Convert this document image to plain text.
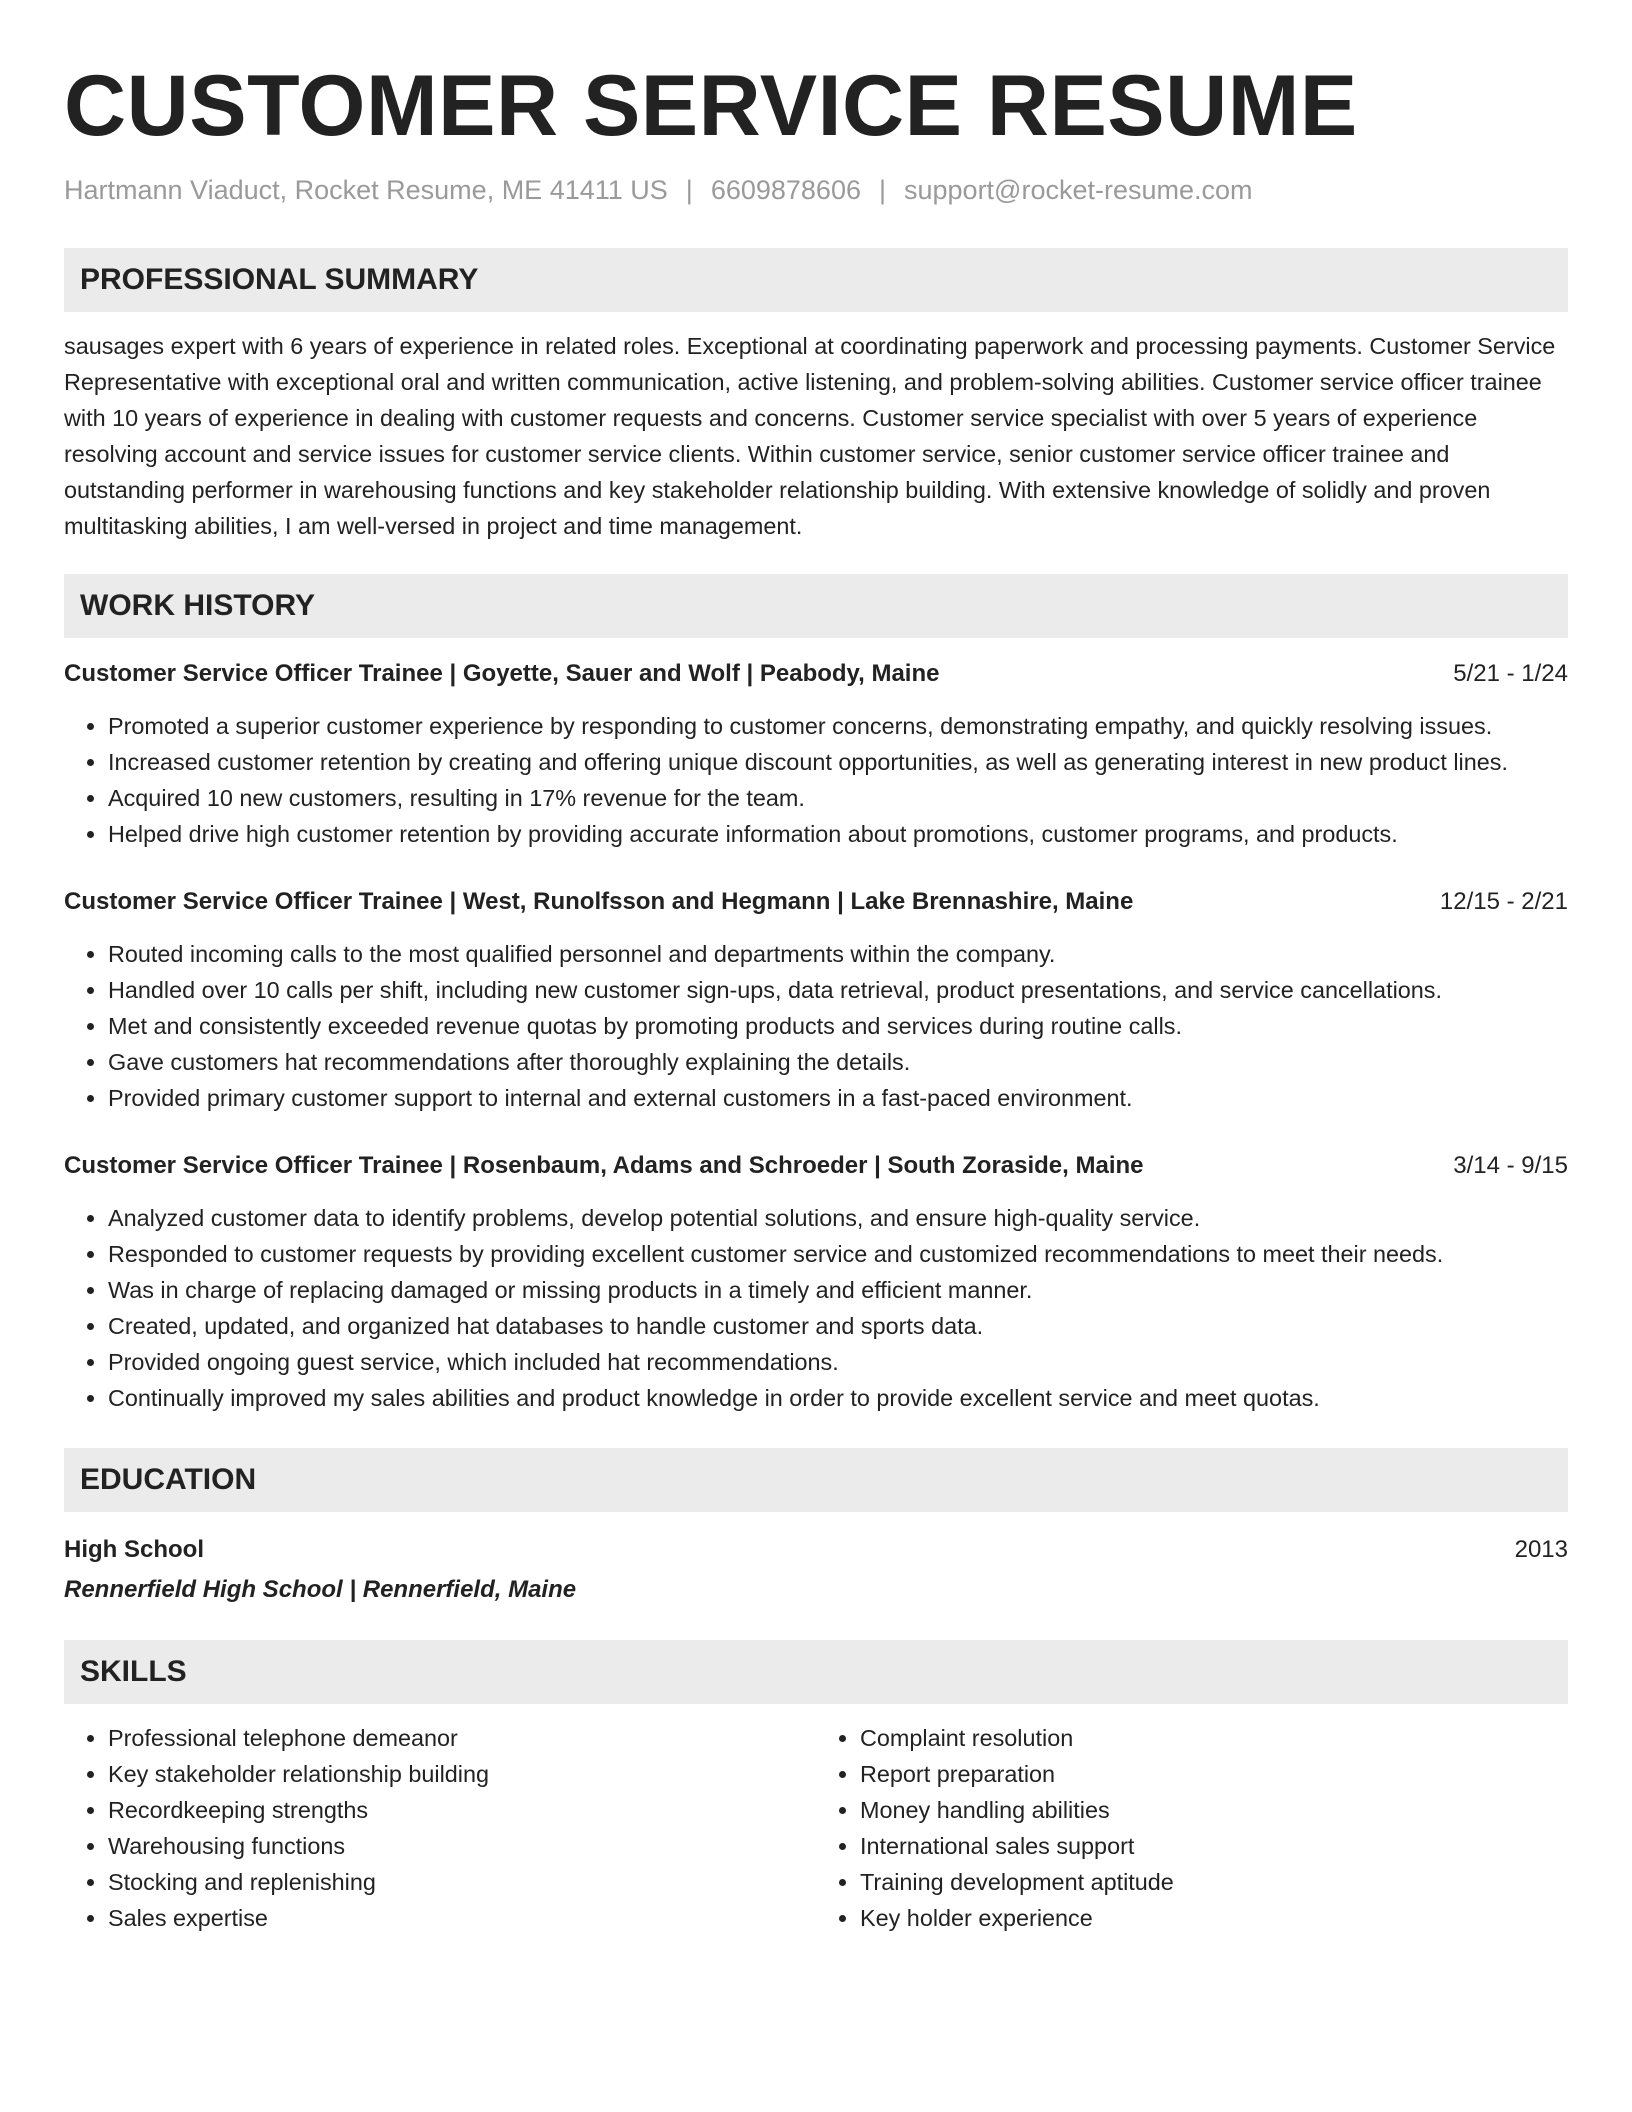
CUSTOMER SERVICE RESUME
Hartmann Viaduct, Rocket Resume, ME 41411 US | 6609878606 | support@rocket-resume.com
PROFESSIONAL SUMMARY
sausages expert with 6 years of experience in related roles. Exceptional at coordinating paperwork and processing payments. Customer Service Representative with exceptional oral and written communication, active listening, and problem-solving abilities. Customer service officer trainee with 10 years of experience in dealing with customer requests and concerns. Customer service specialist with over 5 years of experience resolving account and service issues for customer service clients. Within customer service, senior customer service officer trainee and outstanding performer in warehousing functions and key stakeholder relationship building. With extensive knowledge of solidly and proven multitasking abilities, I am well-versed in project and time management.
WORK HISTORY
Customer Service Officer Trainee | Goyette, Sauer and Wolf | Peabody, Maine	5/21 - 1/24
• Promoted a superior customer experience by responding to customer concerns, demonstrating empathy, and quickly resolving issues.
• Increased customer retention by creating and offering unique discount opportunities, as well as generating interest in new product lines.
• Acquired 10 new customers, resulting in 17% revenue for the team.
• Helped drive high customer retention by providing accurate information about promotions, customer programs, and products.
Customer Service Officer Trainee | West, Runolfsson and Hegmann | Lake Brennashire, Maine	12/15 - 2/21
• Routed incoming calls to the most qualified personnel and departments within the company.
• Handled over 10 calls per shift, including new customer sign-ups, data retrieval, product presentations, and service cancellations.
• Met and consistently exceeded revenue quotas by promoting products and services during routine calls.
• Gave customers hat recommendations after thoroughly explaining the details.
• Provided primary customer support to internal and external customers in a fast-paced environment.
Customer Service Officer Trainee | Rosenbaum, Adams and Schroeder | South Zoraside, Maine	3/14 - 9/15
• Analyzed customer data to identify problems, develop potential solutions, and ensure high-quality service.
• Responded to customer requests by providing excellent customer service and customized recommendations to meet their needs.
• Was in charge of replacing damaged or missing products in a timely and efficient manner.
• Created, updated, and organized hat databases to handle customer and sports data.
• Provided ongoing guest service, which included hat recommendations.
• Continually improved my sales abilities and product knowledge in order to provide excellent service and meet quotas.
EDUCATION
High School	2013
Rennerfield High School | Rennerfield, Maine
SKILLS
• Professional telephone demeanor
• Key stakeholder relationship building
• Recordkeeping strengths
• Warehousing functions
• Stocking and replenishing
• Sales expertise
• Complaint resolution
• Report preparation
• Money handling abilities
• International sales support
• Training development aptitude
• Key holder experience
